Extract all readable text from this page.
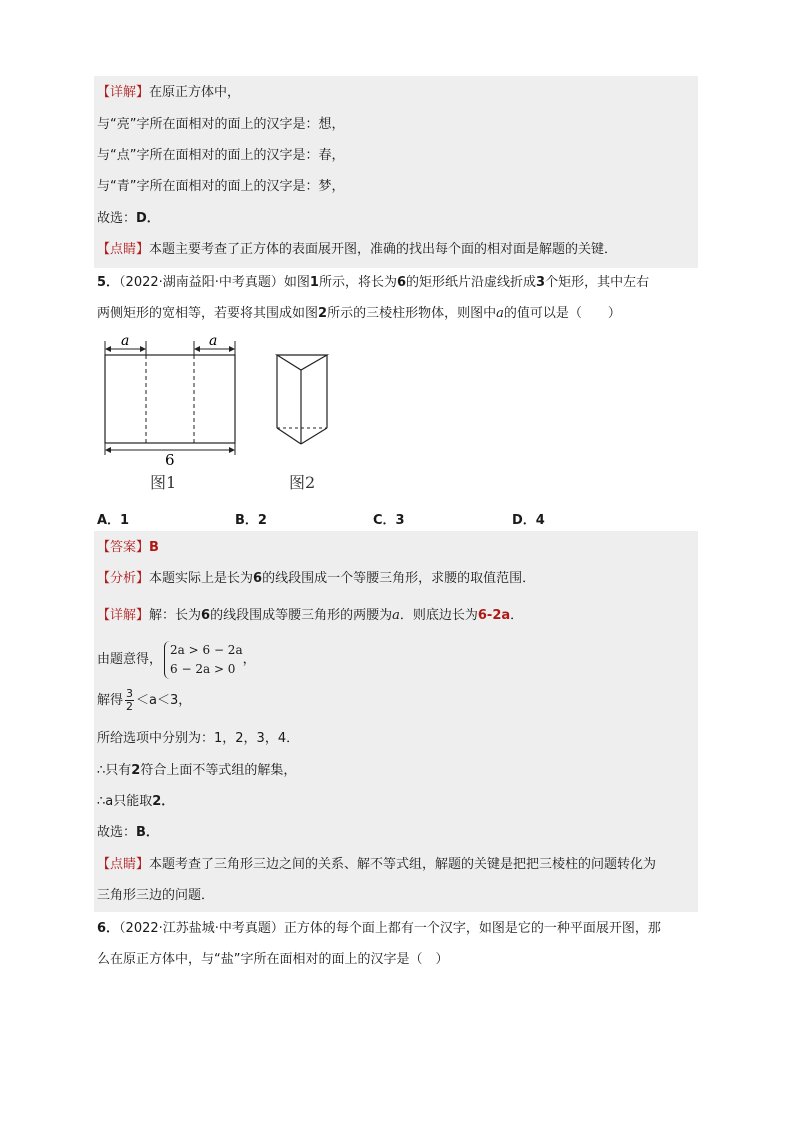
【详解】在原正方体中，
与“亮”字所在面相对的面上的汉字是：想，
与“点”字所在面相对的面上的汉字是：春，
与“青”字所在面相对的面上的汉字是：梦，
故选：D．
【点睛】本题主要考查了正方体的表面展开图，准确的找出每个面的相对面是解题的关键．
5．（2022·湖南益阳·中考真题）如图1所示，将长为6的矩形纸片沿虚线折成3个矩形，其中左右
两侧矩形的宽相等，若要将其围成如图2所示的三棱柱形物体，则图中a的值可以是（　　）
a	a
6
图1	图2
A．1	B．2	C．3	D．4
【答案】B
【分析】本题实际上是长为6的线段围成一个等腰三角形，求腰的取值范围．
【详解】解：长为6的线段围成等腰三角形的两腰为a．则底边长为6-2a．
由题意得，
2a > 6 − 2a
6 − 2a > 0
，
解得 $\frac{3}{2} <a<3$，
所给选项中分别为：1，2，3，4．
∴只有2符合上面不等式组的解集，
∴a只能取2．
故选：B．
【点睛】本题考查了三角形三边之间的关系、解不等式组，解题的关键是把把三棱柱的问题转化为
三角形三边的问题．
6．（2022·江苏盐城·中考真题）正方体的每个面上都有一个汉字，如图是它的一种平面展开图，那
么在原正方体中，与“盐”字所在面相对的面上的汉字是（　）
